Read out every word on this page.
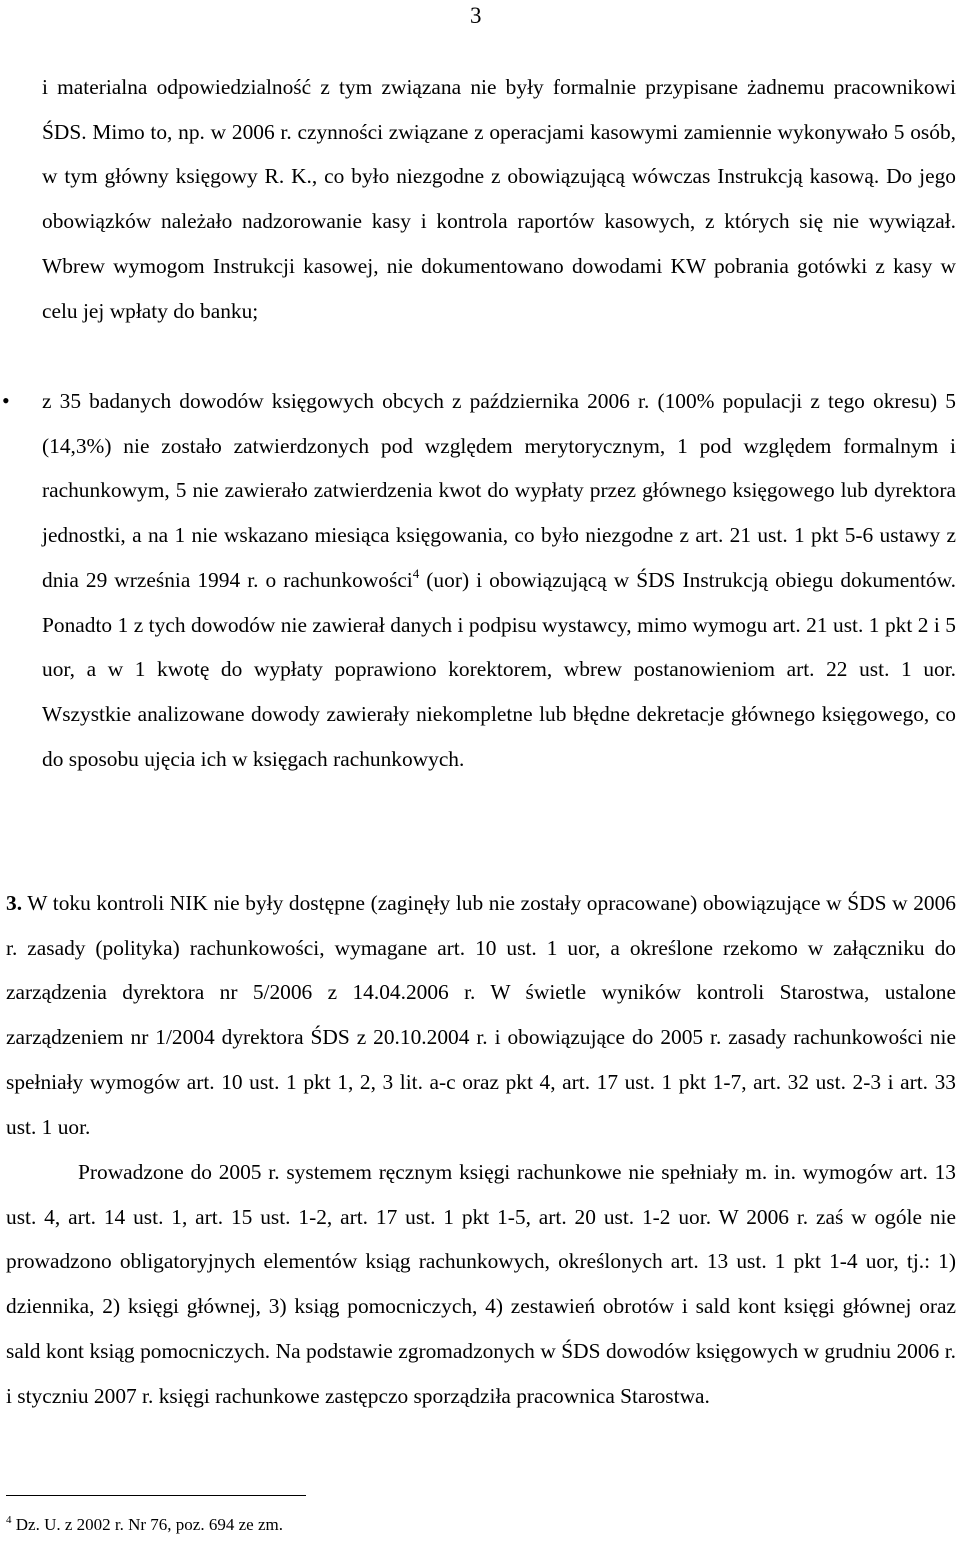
3
i materialna odpowiedzialność z tym związana nie były formalnie przypisane żadnemu pracownikowi ŚDS. Mimo to, np. w 2006 r. czynności związane z operacjami kasowymi zamiennie wykonywało 5 osób, w tym główny księgowy R. K., co było niezgodne z obowiązującą wówczas Instrukcją kasową. Do jego obowiązków należało nadzorowanie kasy i kontrola raportów kasowych, z których się nie wywiązał. Wbrew wymogom Instrukcji kasowej, nie dokumentowano dowodami KW pobrania gotówki z kasy w celu jej wpłaty do banku;
• z 35 badanych dowodów księgowych obcych z października 2006 r. (100% populacji z tego okresu) 5 (14,3%) nie zostało zatwierdzonych pod względem merytorycznym, 1 pod względem formalnym i rachunkowym, 5 nie zawierało zatwierdzenia kwot do wypłaty przez głównego księgowego lub dyrektora jednostki, a na 1 nie wskazano miesiąca księgowania, co było niezgodne z art. 21 ust. 1 pkt 5-6 ustawy z dnia 29 września 1994 r. o rachunkowości$^4$ (uor) i obowiązującą w ŚDS Instrukcją obiegu dokumentów. Ponadto 1 z tych dowodów nie zawierał danych i podpisu wystawcy, mimo wymogu art. 21 ust. 1 pkt 2 i 5 uor, a w 1 kwotę do wypłaty poprawiono korektorem, wbrew postanowieniom art. 22 ust. 1 uor. Wszystkie analizowane dowody zawierały niekompletne lub błędne dekretacje głównego księgowego, co do sposobu ujęcia ich w księgach rachunkowych.
3. W toku kontroli NIK nie były dostępne (zaginęły lub nie zostały opracowane) obowiązujące w ŚDS w 2006 r. zasady (polityka) rachunkowości, wymagane art. 10 ust. 1 uor, a określone rzekomo w załączniku do zarządzenia dyrektora nr 5/2006 z 14.04.2006 r. W świetle wyników kontroli Starostwa, ustalone zarządzeniem nr 1/2004 dyrektora ŚDS z 20.10.2004 r. i obowiązujące do 2005 r. zasady rachunkowości nie spełniały wymogów art. 10 ust. 1 pkt 1, 2, 3 lit. a-c oraz pkt 4, art. 17 ust. 1 pkt 1-7, art. 32 ust. 2-3 i art. 33 ust. 1 uor.
Prowadzone do 2005 r. systemem ręcznym księgi rachunkowe nie spełniały m. in. wymogów art. 13 ust. 4, art. 14 ust. 1, art. 15 ust. 1-2, art. 17 ust. 1 pkt 1-5, art. 20 ust. 1-2 uor. W 2006 r. zaś w ogóle nie prowadzono obligatoryjnych elementów ksiąg rachunkowych, określonych art. 13 ust. 1 pkt 1-4 uor, tj.: 1) dziennika, 2) księgi głównej, 3) ksiąg pomocniczych, 4) zestawień obrotów i sald kont księgi głównej oraz sald kont ksiąg pomocniczych. Na podstawie zgromadzonych w ŚDS dowodów księgowych w grudniu 2006 r. i styczniu 2007 r. księgi rachunkowe zastępczo sporządziła pracownica Starostwa.
$^4$ Dz. U. z 2002 r. Nr 76, poz. 694 ze zm.
